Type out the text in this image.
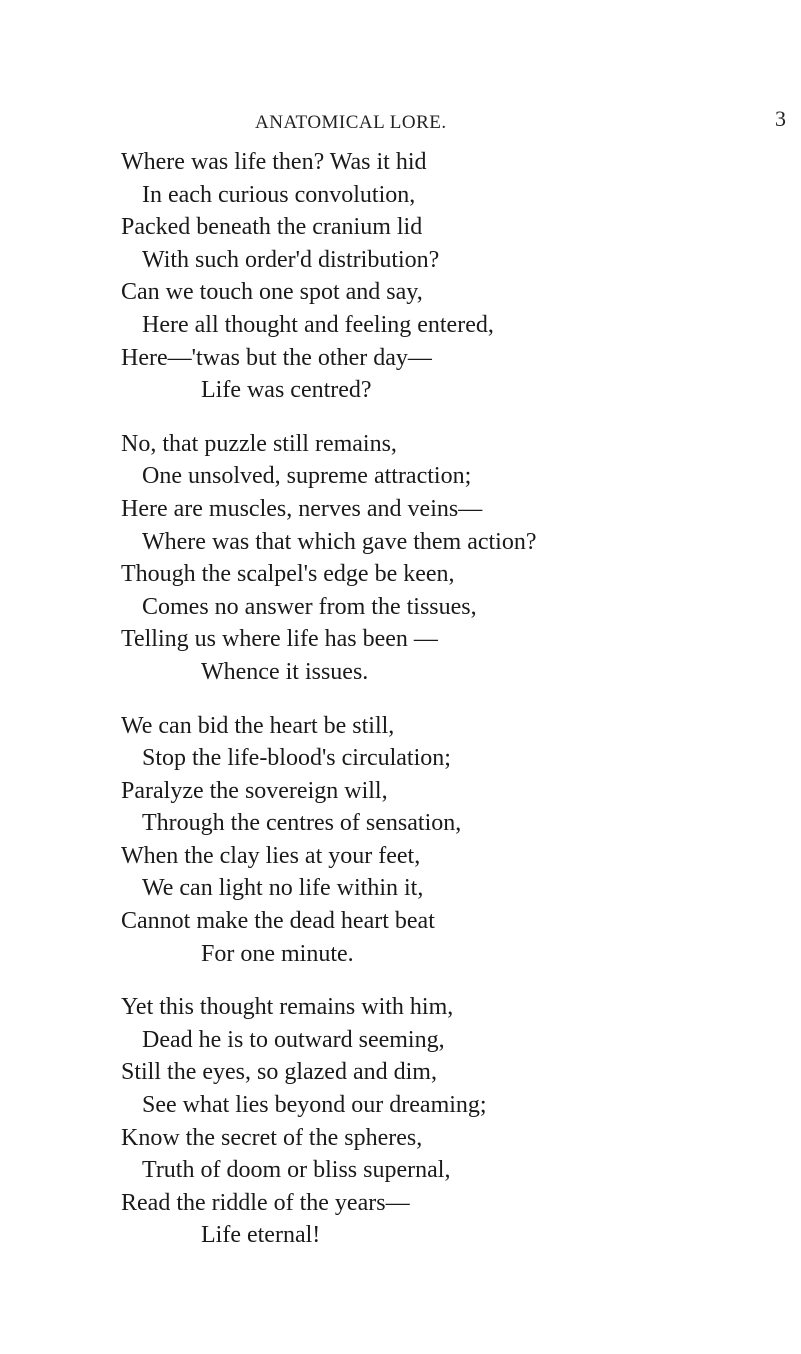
ANATOMICAL LORE.	3
Where was life then? Was it hid
In each curious convolution,
Packed beneath the cranium lid
With such order'd distribution?
Can we touch one spot and say,
Here all thought and feeling entered,
Here—'twas but the other day—
Life was centred?
No, that puzzle still remains,
One unsolved, supreme attraction;
Here are muscles, nerves and veins—
Where was that which gave them action?
Though the scalpel's edge be keen,
Comes no answer from the tissues,
Telling us where life has been —
Whence it issues.
We can bid the heart be still,
Stop the life-blood's circulation;
Paralyze the sovereign will,
Through the centres of sensation,
When the clay lies at your feet,
We can light no life within it,
Cannot make the dead heart beat
For one minute.
Yet this thought remains with him,
Dead he is to outward seeming,
Still the eyes, so glazed and dim,
See what lies beyond our dreaming;
Know the secret of the spheres,
Truth of doom or bliss supernal,
Read the riddle of the years—
Life eternal!
